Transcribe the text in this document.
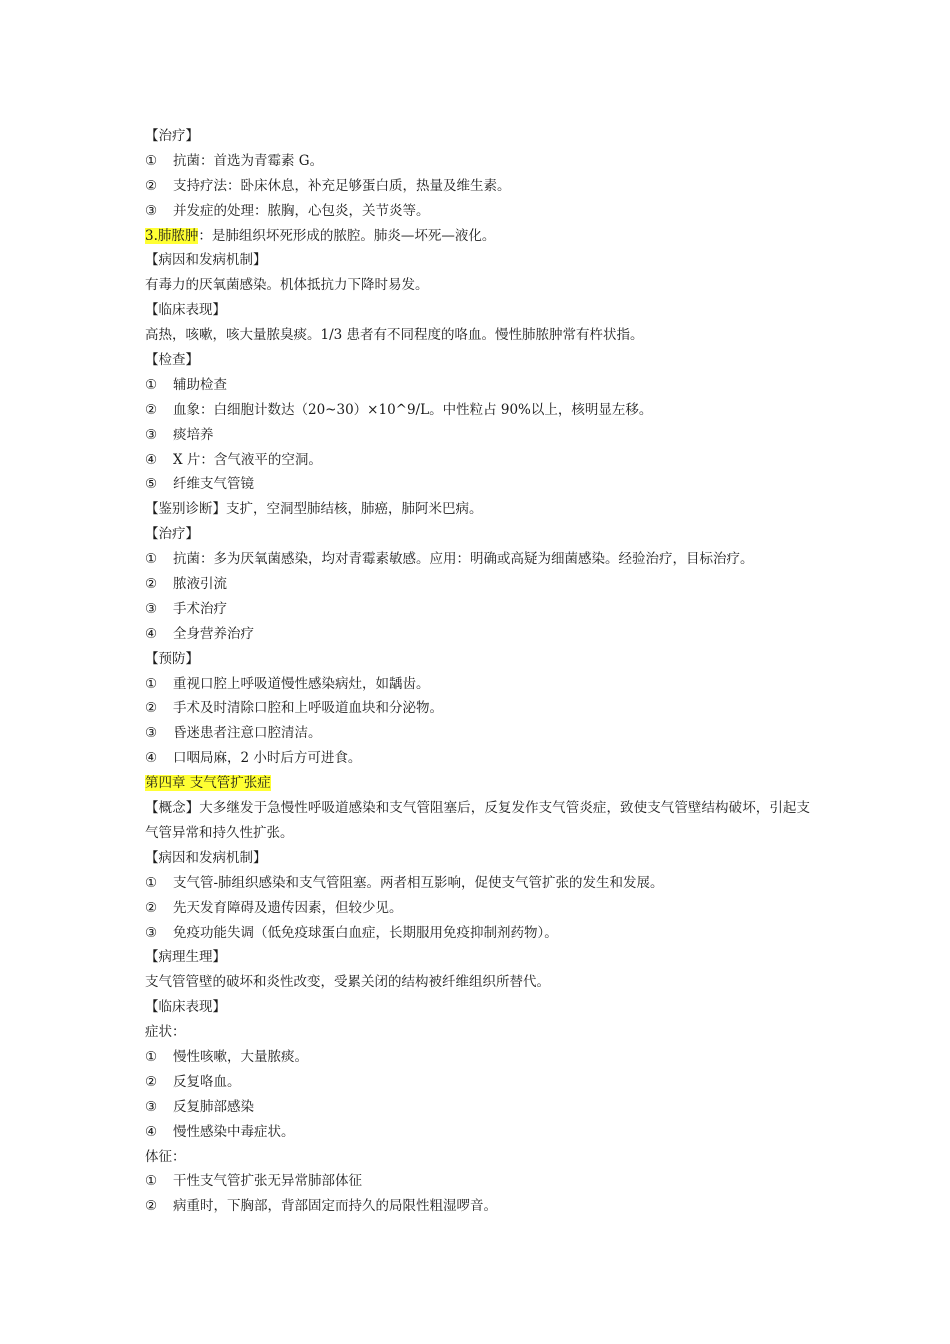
【治疗】
① 抗菌：首选为青霉素 G。
② 支持疗法：卧床休息，补充足够蛋白质，热量及维生素。
③ 并发症的处理：脓胸，心包炎，关节炎等。
3.肺脓肿：是肺组织坏死形成的脓腔。肺炎—坏死—液化。
【病因和发病机制】
有毒力的厌氧菌感染。机体抵抗力下降时易发。
【临床表现】
高热，咳嗽，咳大量脓臭痰。1/3 患者有不同程度的咯血。慢性肺脓肿常有杵状指。
【检查】
① 辅助检查
② 血象：白细胞计数达（20~30）×10^9/L。中性粒占 90%以上，核明显左移。
③ 痰培养
④ X 片：含气液平的空洞。
⑤ 纤维支气管镜
【鉴别诊断】支扩，空洞型肺结核，肺癌，肺阿米巴病。
【治疗】
① 抗菌：多为厌氧菌感染，均对青霉素敏感。应用：明确或高疑为细菌感染。经验治疗，目标治疗。
② 脓液引流
③ 手术治疗
④ 全身营养治疗
【预防】
① 重视口腔上呼吸道慢性感染病灶，如龋齿。
② 手术及时清除口腔和上呼吸道血块和分泌物。
③ 昏迷患者注意口腔清洁。
④ 口咽局麻，2 小时后方可进食。
第四章 支气管扩张症
【概念】大多继发于急慢性呼吸道感染和支气管阻塞后，反复发作支气管炎症，致使支气管壁结构破坏，引起支气管异常和持久性扩张。
【病因和发病机制】
① 支气管-肺组织感染和支气管阻塞。两者相互影响，促使支气管扩张的发生和发展。
② 先天发育障碍及遗传因素，但较少见。
③ 免疫功能失调（低免疫球蛋白血症，长期服用免疫抑制剂药物）。
【病理生理】
支气管管壁的破坏和炎性改变，受累关闭的结构被纤维组织所替代。
【临床表现】
症状：
① 慢性咳嗽，大量脓痰。
② 反复咯血。
③ 反复肺部感染
④ 慢性感染中毒症状。
体征：
① 干性支气管扩张无异常肺部体征
② 病重时，下胸部，背部固定而持久的局限性粗湿啰音。
